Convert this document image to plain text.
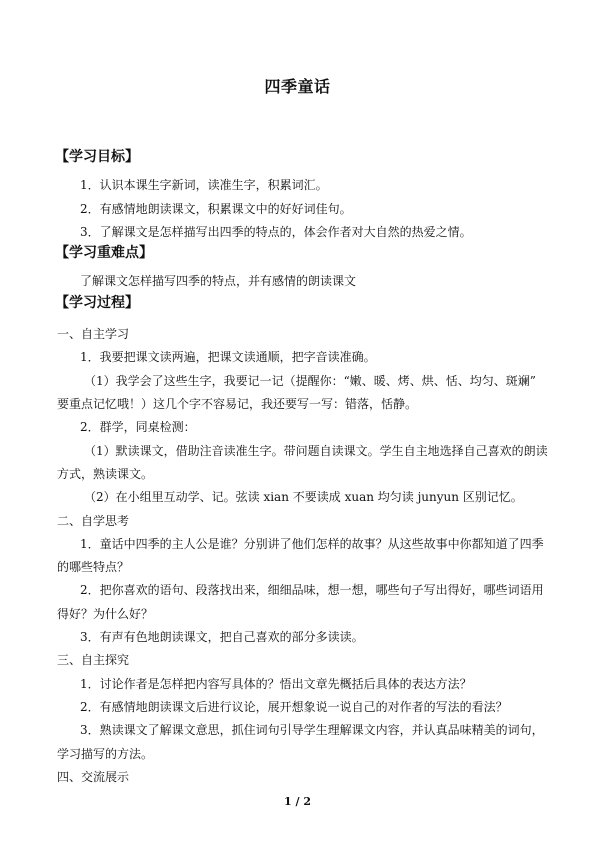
四季童话
【学习目标】
1．认识本课生字新词，读准生字，积累词汇。
2．有感情地朗读课文，积累课文中的好好词佳句。
3．了解课文是怎样描写出四季的特点的，体会作者对大自然的热爱之情。
【学习重难点】
了解课文怎样描写四季的特点，并有感情的朗读课文
【学习过程】
一、自主学习
1．我要把课文读两遍，把课文读通顺，把字音读准确。
（1）我学会了这些生字，我要记一记（提醒你：“嫩、暖、烤、烘、恬、均匀、斑斓”
要重点记忆哦！）这几个字不容易记，我还要写一写：错落，恬静。
2．群学，同桌检测：
（1）默读课文，借助注音读准生字。带问题自读课文。学生自主地选择自己喜欢的朗读
方式，熟读课文。
（2）在小组里互动学、记。弦读 xian 不要读成 xuan 均匀读 junyun 区别记忆。
二、自学思考
1．童话中四季的主人公是谁？分别讲了他们怎样的故事？从这些故事中你都知道了四季
的哪些特点？
2．把你喜欢的语句、段落找出来，细细品味，想一想，哪些句子写出得好，哪些词语用
得好？为什么好？
3．有声有色地朗读课文，把自己喜欢的部分多读读。
三、自主探究
1．讨论作者是怎样把内容写具体的？悟出文章先概括后具体的表达方法？
2．有感情地朗读课文后进行议论，展开想象说一说自己的对作者的写法的看法？
3．熟读课文了解课文意思，抓住词句引导学生理解课文内容，并认真品味精美的词句，
学习描写的方法。
四、交流展示
1 / 2
